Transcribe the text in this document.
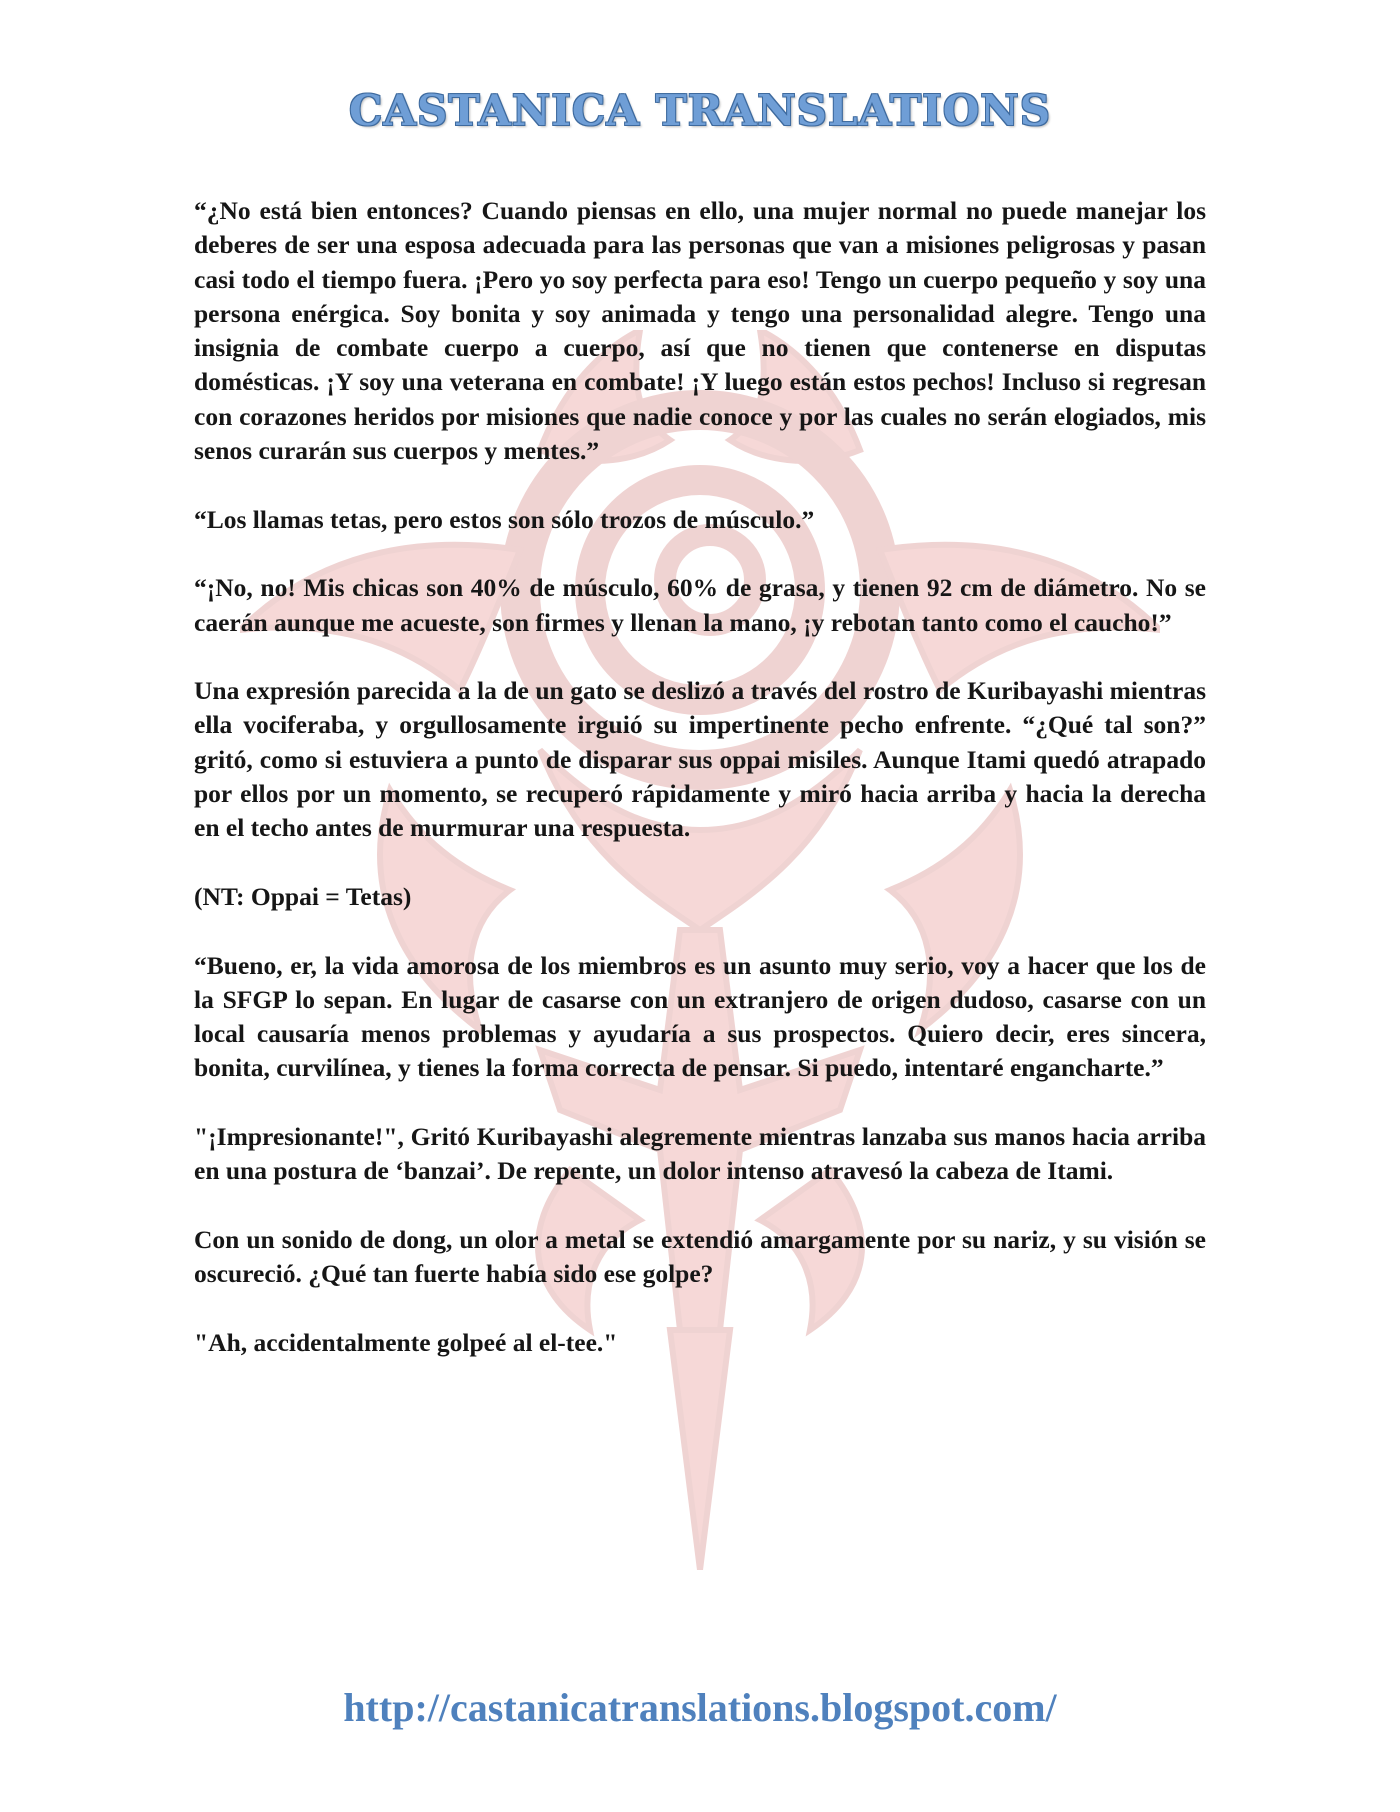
CASTANICA TRANSLATIONS

“¿No está bien entonces? Cuando piensas en ello, una mujer normal no puede manejar los deberes de ser una esposa adecuada para las personas que van a misiones peligrosas y pasan casi todo el tiempo fuera. ¡Pero yo soy perfecta para eso! Tengo un cuerpo pequeño y soy una persona enérgica. Soy bonita y soy animada y tengo una personalidad alegre. Tengo una insignia de combate cuerpo a cuerpo, así que no tienen que contenerse en disputas domésticas. ¡Y soy una veterana en combate! ¡Y luego están estos pechos! Incluso si regresan con corazones heridos por misiones que nadie conoce y por las cuales no serán elogiados, mis senos curarán sus cuerpos y mentes.”

“Los llamas tetas, pero estos son sólo trozos de músculo.”

“¡No, no! Mis chicas son 40% de músculo, 60% de grasa, y tienen 92 cm de diámetro. No se caerán aunque me acueste, son firmes y llenan la mano, ¡y rebotan tanto como el caucho!”

Una expresión parecida a la de un gato se deslizó a través del rostro de Kuribayashi mientras ella vociferaba, y orgullosamente irguió su impertinente pecho enfrente. “¿Qué tal son?” gritó, como si estuviera a punto de disparar sus oppai misiles. Aunque Itami quedó atrapado por ellos por un momento, se recuperó rápidamente y miró hacia arriba y hacia la derecha en el techo antes de murmurar una respuesta.

(NT: Oppai = Tetas)

“Bueno, er, la vida amorosa de los miembros es un asunto muy serio, voy a hacer que los de la SFGP lo sepan. En lugar de casarse con un extranjero de origen dudoso, casarse con un local causaría menos problemas y ayudaría a sus prospectos. Quiero decir, eres sincera, bonita, curvilínea, y tienes la forma correcta de pensar. Si puedo, intentaré engancharte.”

"¡Impresionante!", Gritó Kuribayashi alegremente mientras lanzaba sus manos hacia arriba en una postura de ‘banzai’. De repente, un dolor intenso atravesó la cabeza de Itami.

Con un sonido de dong, un olor a metal se extendió amargamente por su nariz, y su visión se oscureció. ¿Qué tan fuerte había sido ese golpe?

"Ah, accidentalmente golpeé al el-tee."

http://castanicatranslations.blogspot.com/
